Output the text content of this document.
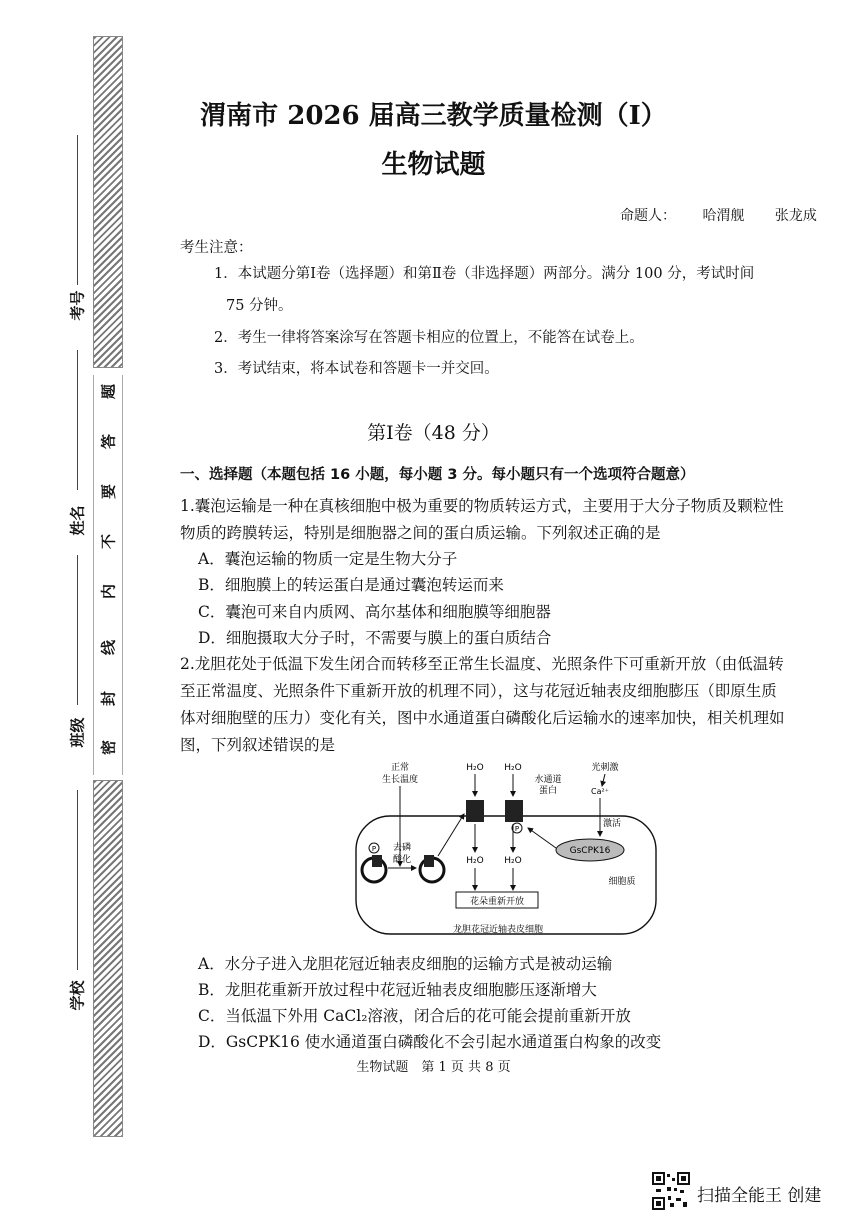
题
答
要
不
内
线
封
密
考号
姓名
班级
学校
渭南市 2026 届高三教学质量检测（Ⅰ）
生物试题
命题人： 哈渭舰 张龙成
考生注意：
1．本试题分第Ⅰ卷（选择题）和第Ⅱ卷（非选择题）两部分。满分 100 分，考试时间
75 分钟。
2．考生一律将答案涂写在答题卡相应的位置上，不能答在试卷上。
3．考试结束，将本试卷和答题卡一并交回。
第Ⅰ卷（48 分）
一、选择题（本题包括 16 小题，每小题 3 分。每小题只有一个选项符合题意）
1.囊泡运输是一种在真核细胞中极为重要的物质转运方式，主要用于大分子物质及颗粒性
物质的跨膜转运，特别是细胞器之间的蛋白质运输。下列叙述正确的是
A．囊泡运输的物质一定是生物大分子
B．细胞膜上的转运蛋白是通过囊泡转运而来
C．囊泡可来自内质网、高尔基体和细胞膜等细胞器
D．细胞摄取大分子时，不需要与膜上的蛋白质结合
2.龙胆花处于低温下发生闭合而转移至正常生长温度、光照条件下可重新开放（由低温转
至正常温度、光照条件下重新开放的机理不同），这与花冠近轴表皮细胞膨压（即原生质
体对细胞壁的压力）变化有关，图中水通道蛋白磷酸化后运输水的速率加快，相关机理如
图，下列叙述错误的是
正常
生长温度
H₂O H₂O
水通道
蛋白
光刺激
Ca²⁺
激活
P
GsCPK16
H₂O H₂O
花朵重新开放
P 去磷
酸化
细胞质
龙胆花冠近轴表皮细胞
A．水分子进入龙胆花冠近轴表皮细胞的运输方式是被动运输
B．龙胆花重新开放过程中花冠近轴表皮细胞膨压逐渐增大
C．当低温下外用 CaCl₂溶液，闭合后的花可能会提前重新开放
D．GsCPK16 使水通道蛋白磷酸化不会引起水通道蛋白构象的改变
生物试题　第 1 页 共 8 页
扫描全能王 创建
